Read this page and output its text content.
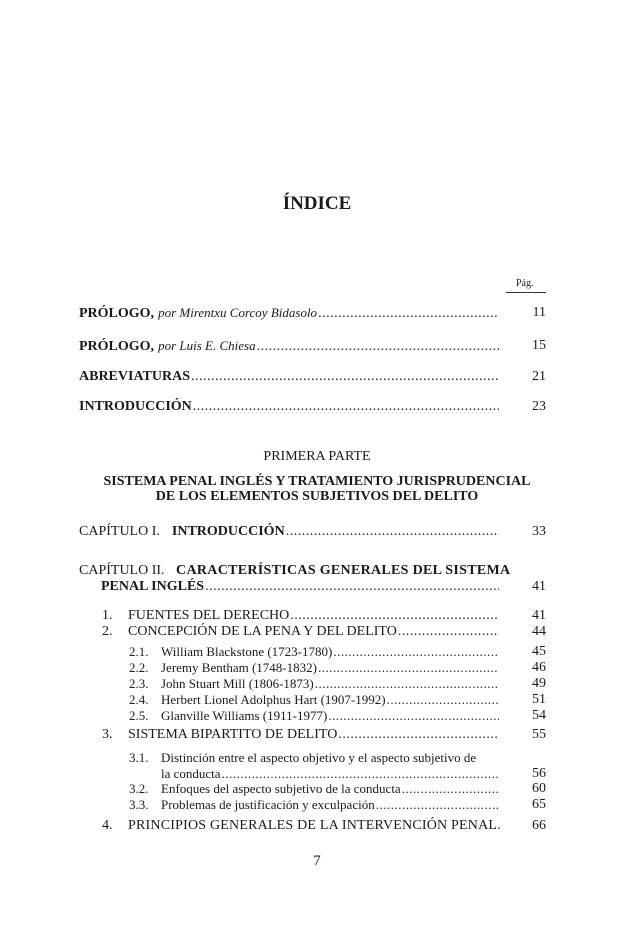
ÍNDICE
Pág.
PRÓLOGO, por Mirentxu Corcoy Bidasolo .....	11
PRÓLOGO, por Luis E. Chiesa .....	15
ABREVIATURAS .....	21
INTRODUCCIÓN .....	23
PRIMERA PARTE
SISTEMA PENAL INGLÉS Y TRATAMIENTO JURISPRUDENCIAL
DE LOS ELEMENTOS SUBJETIVOS DEL DELITO
CAPÍTULO I. INTRODUCCIÓN .....	33
CAPÍTULO II. CARACTERÍSTICAS GENERALES DEL SISTEMA
PENAL INGLÉS .....	41
1. FUENTES DEL DERECHO .....	41
2. CONCEPCIÓN DE LA PENA Y DEL DELITO .....	44
2.1. William Blackstone (1723-1780) .....	45
2.2. Jeremy Bentham (1748-1832) .....	46
2.3. John Stuart Mill (1806-1873) .....	49
2.4. Herbert Lionel Adolphus Hart (1907-1992) .....	51
2.5. Glanville Williams (1911-1977) .....	54
3. SISTEMA BIPARTITO DE DELITO .....	55
3.1. Distinción entre el aspecto objetivo y el aspecto subjetivo de
la conducta .....	56
3.2. Enfoques del aspecto subjetivo de la conducta .....	60
3.3. Problemas de justificación y exculpación .....	65
4. PRINCIPIOS GENERALES DE LA INTERVENCIÓN PENAL.	66
7
